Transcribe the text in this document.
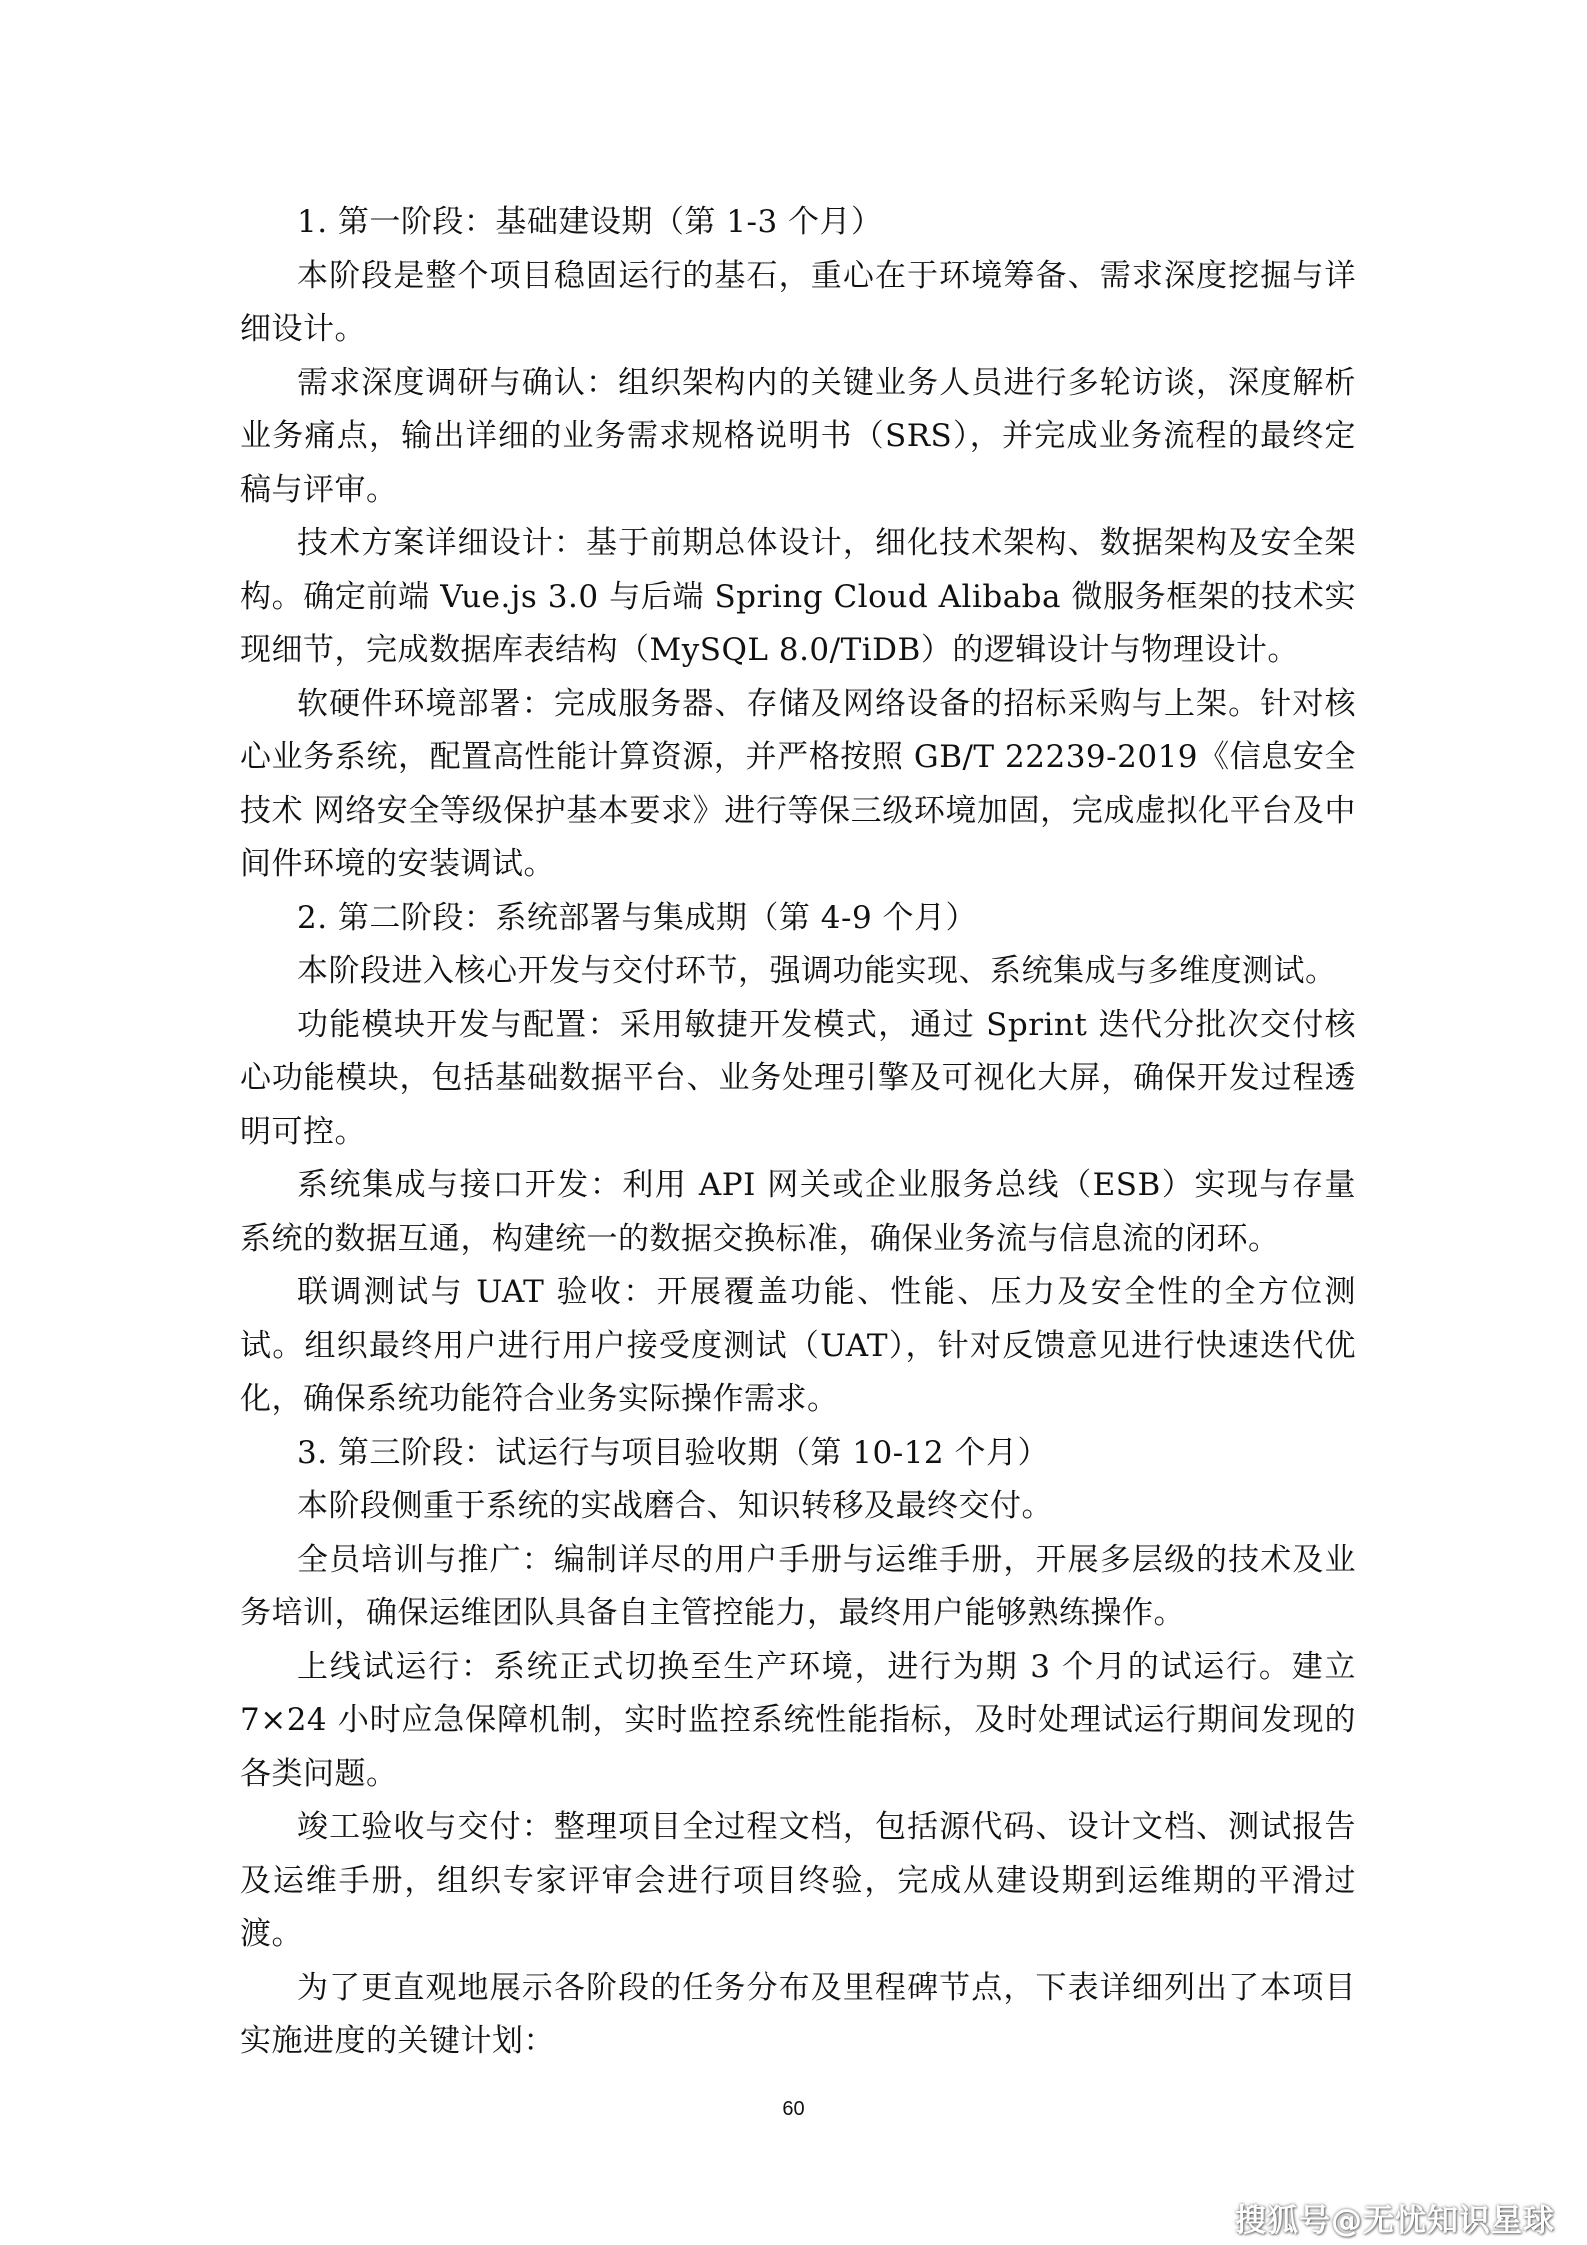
1. 第一阶段：基础建设期（第 1-3 个月）

本阶段是整个项目稳固运行的基石，重心在于环境筹备、需求深度挖掘与详细设计。

需求深度调研与确认：组织架构内的关键业务人员进行多轮访谈，深度解析业务痛点，输出详细的业务需求规格说明书（SRS），并完成业务流程的最终定稿与评审。

技术方案详细设计：基于前期总体设计，细化技术架构、数据架构及安全架构。确定前端 Vue.js 3.0 与后端 Spring Cloud Alibaba 微服务框架的技术实现细节，完成数据库表结构（MySQL 8.0/TiDB）的逻辑设计与物理设计。

软硬件环境部署：完成服务器、存储及网络设备的招标采购与上架。针对核心业务系统，配置高性能计算资源，并严格按照 GB/T 22239-2019《信息安全技术 网络安全等级保护基本要求》进行等保三级环境加固，完成虚拟化平台及中间件环境的安装调试。

2. 第二阶段：系统部署与集成期（第 4-9 个月）

本阶段进入核心开发与交付环节，强调功能实现、系统集成与多维度测试。

功能模块开发与配置：采用敏捷开发模式，通过 Sprint 迭代分批次交付核心功能模块，包括基础数据平台、业务处理引擎及可视化大屏，确保开发过程透明可控。

系统集成与接口开发：利用 API 网关或企业服务总线（ESB）实现与存量系统的数据互通，构建统一的数据交换标准，确保业务流与信息流的闭环。

联调测试与 UAT 验收：开展覆盖功能、性能、压力及安全性的全方位测试。组织最终用户进行用户接受度测试（UAT），针对反馈意见进行快速迭代优化，确保系统功能符合业务实际操作需求。

3. 第三阶段：试运行与项目验收期（第 10-12 个月）

本阶段侧重于系统的实战磨合、知识转移及最终交付。

全员培训与推广：编制详尽的用户手册与运维手册，开展多层级的技术及业务培训，确保运维团队具备自主管控能力，最终用户能够熟练操作。

上线试运行：系统正式切换至生产环境，进行为期 3 个月的试运行。建立 7×24 小时应急保障机制，实时监控系统性能指标，及时处理试运行期间发现的各类问题。

竣工验收与交付：整理项目全过程文档，包括源代码、设计文档、测试报告及运维手册，组织专家评审会进行项目终验，完成从建设期到运维期的平滑过渡。

为了更直观地展示各阶段的任务分布及里程碑节点，下表详细列出了本项目实施进度的关键计划：

60
搜狐号@无忧知识星球
